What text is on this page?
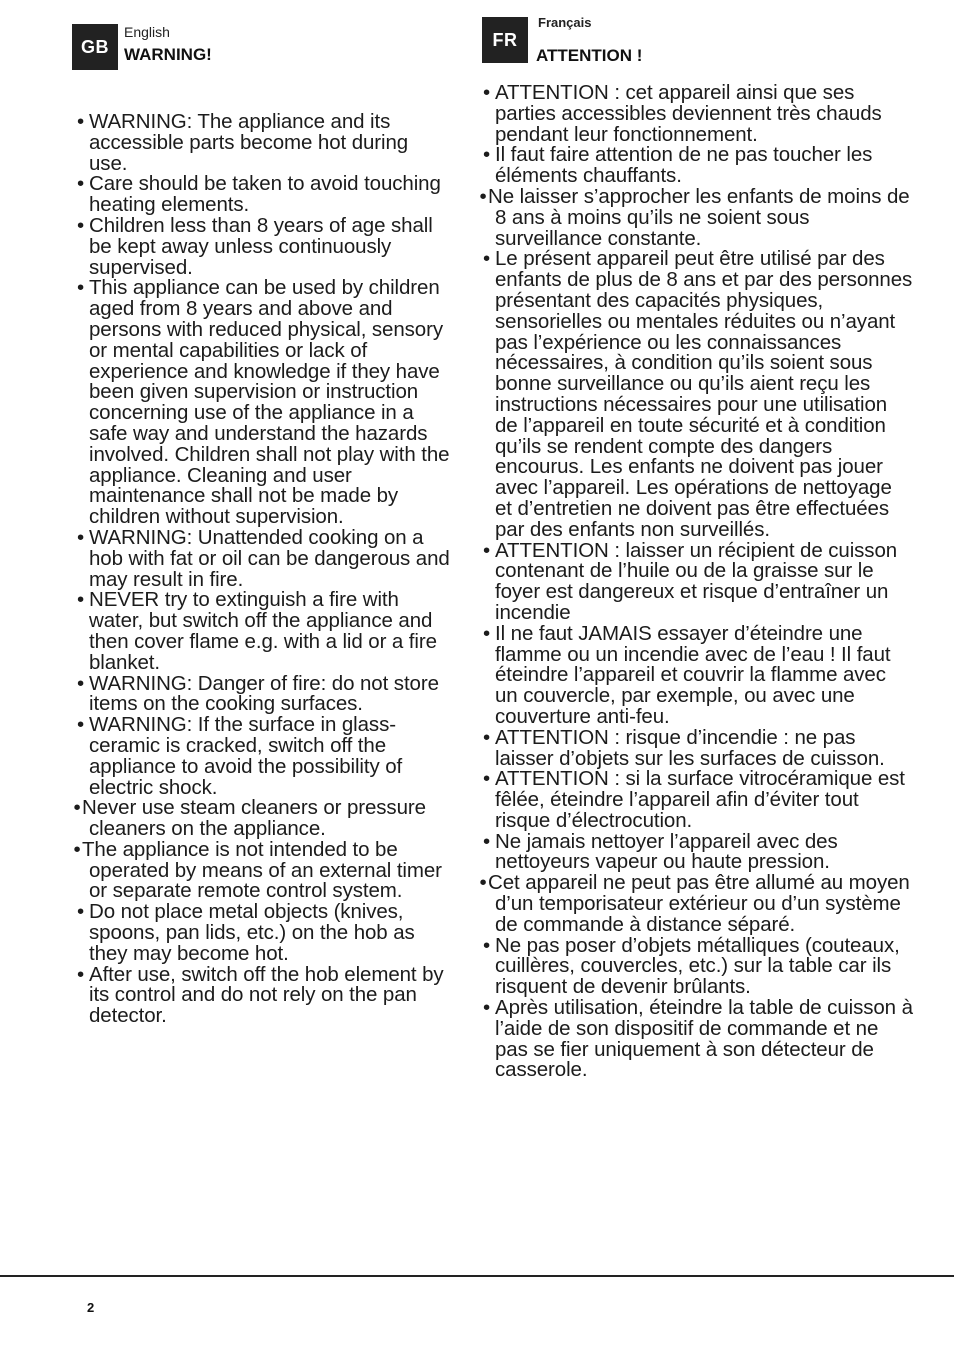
GB
English
WARNING!
• WARNING: The appliance and its accessible parts become hot during use.
• Care should be taken to avoid touching heating elements.
• Children less than 8 years of age shall be kept away unless continuously supervised.
• This appliance can be used by children aged from 8 years and above and persons with reduced physical, sensory or mental capabilities or lack of experience and knowledge if they have been given supervision or instruction concerning use of the appliance in a safe way and understand the hazards involved. Children shall not play with the appliance. Cleaning and user maintenance shall not be made by children without supervision.
• WARNING: Unattended cooking on a hob with fat or oil can be dangerous and may result in fire.
• NEVER try to extinguish a fire with water, but switch off the appliance and then cover flame e.g. with a lid or a fire blanket.
• WARNING: Danger of fire: do not store items on the cooking surfaces.
• WARNING: If the surface in glass-ceramic is cracked, switch off the appliance to avoid the possibility of electric shock.
•Never use steam cleaners or pressure cleaners on the appliance.
•The appliance is not intended to be operated by means of an external timer or separate remote control system.
• Do not place metal objects (knives, spoons, pan lids, etc.) on the hob as they may become hot.
• After use, switch off the hob element by its control and do not rely on the pan detector.
FR
Français
ATTENTION !
• ATTENTION : cet appareil ainsi que ses parties accessibles deviennent très chauds pendant leur fonctionnement.
• Il faut faire attention de ne pas toucher les éléments chauffants.
•Ne laisser s’approcher les enfants de moins de 8 ans à moins qu’ils ne soient sous surveillance constante.
• Le présent appareil peut être utilisé par des enfants de plus de 8 ans et par des personnes présentant des capacités physiques, sensorielles ou mentales réduites ou n’ayant pas l’expérience ou les connaissances nécessaires, à condition qu’ils soient sous bonne surveillance ou qu’ils aient reçu les instructions nécessaires pour une utilisation de l’appareil en toute sécurité et à condition qu’ils se rendent compte des dangers encourus. Les enfants ne doivent pas jouer avec l’appareil. Les opérations de nettoyage et d’entretien ne doivent pas être effectuées par des enfants non surveillés.
• ATTENTION : laisser un récipient de cuisson contenant de l’huile ou de la graisse sur le foyer est dangereux et risque d’entraîner un incendie
• Il ne faut JAMAIS essayer d’éteindre une flamme ou un incendie avec de l’eau ! Il faut éteindre l’appareil et couvrir la flamme avec un couvercle, par exemple, ou avec une couverture anti-feu.
• ATTENTION : risque d’incendie : ne pas laisser d’objets sur les surfaces de cuisson.
• ATTENTION : si la surface vitrocéramique est fêlée, éteindre l’appareil afin d’éviter tout risque d’électrocution.
• Ne jamais nettoyer l’appareil avec des nettoyeurs vapeur ou haute pression.
•Cet appareil ne peut pas être allumé au moyen d’un temporisateur extérieur ou d’un système de commande à distance séparé.
• Ne pas poser d’objets métalliques (couteaux, cuillères, couvercles, etc.) sur la table car ils risquent de devenir brûlants.
• Après utilisation, éteindre la table de cuisson à l’aide de son dispositif de commande et ne pas se fier uniquement à son détecteur de casserole.
2
